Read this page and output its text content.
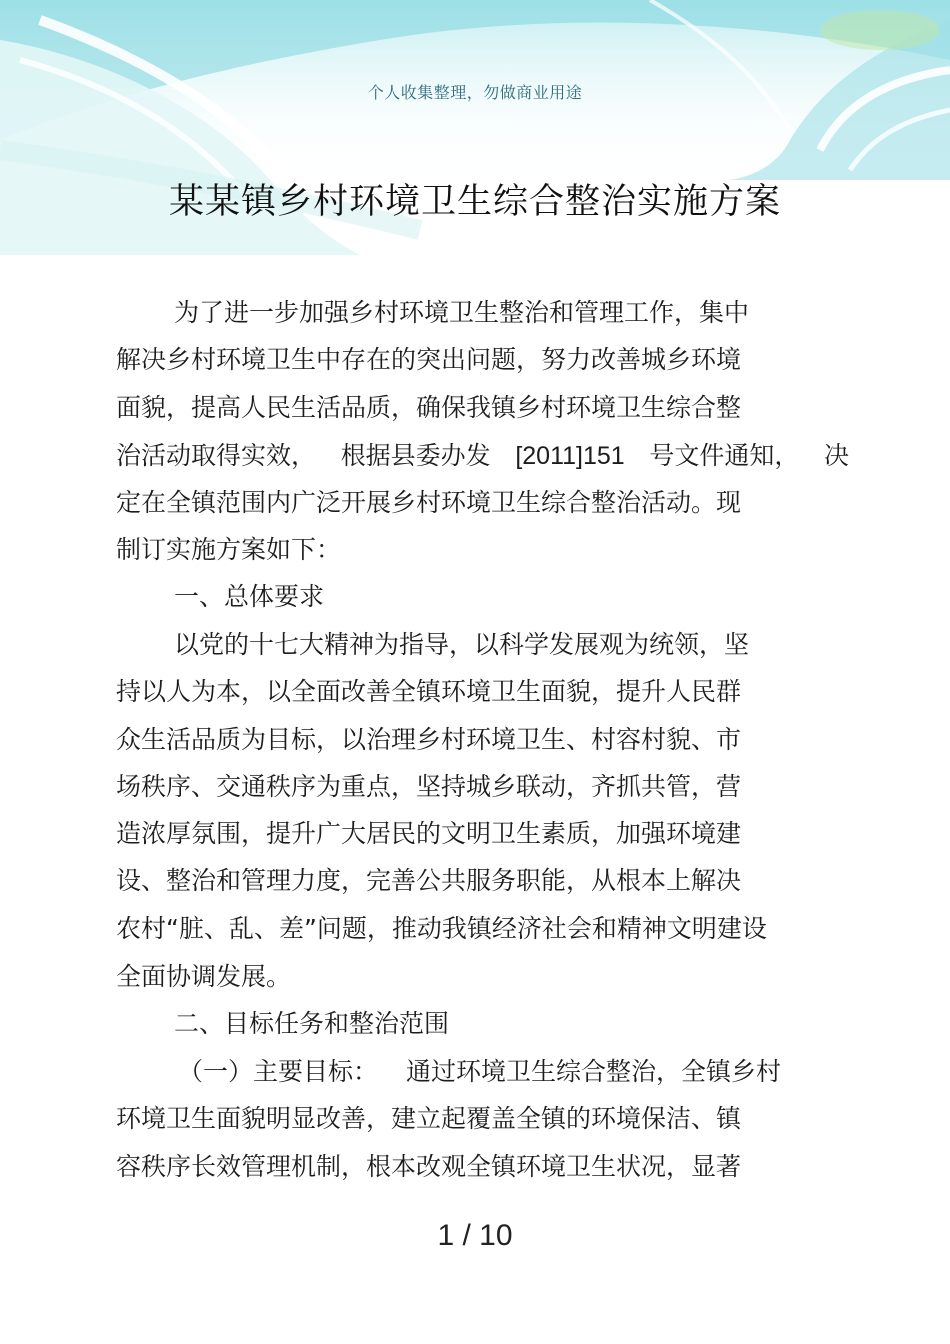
个人收集整理，勿做商业用途
某某镇乡村环境卫生综合整治实施方案
为了进一步加强乡村环境卫生整治和管理工作，集中
解决乡村环境卫生中存在的突出问题，努力改善城乡环境
面貌，提高人民生活品质，确保我镇乡村环境卫生综合整
治活动取得实效， 根据县委办发 [2011]151 号文件通知， 决
定在全镇范围内广泛开展乡村环境卫生综合整治活动。现
制订实施方案如下：
一、总体要求
以党的十七大精神为指导，以科学发展观为统领，坚
持以人为本，以全面改善全镇环境卫生面貌，提升人民群
众生活品质为目标，以治理乡村环境卫生、村容村貌、市
场秩序、交通秩序为重点，坚持城乡联动，齐抓共管，营
造浓厚氛围，提升广大居民的文明卫生素质，加强环境建
设、整治和管理力度，完善公共服务职能，从根本上解决
农村“脏、乱、差”问题，推动我镇经济社会和精神文明建设
全面协调发展。
二、目标任务和整治范围
（一）主要目标： 通过环境卫生综合整治，全镇乡村
环境卫生面貌明显改善，建立起覆盖全镇的环境保洁、镇
容秩序长效管理机制，根本改观全镇环境卫生状况，显著
1 / 10
